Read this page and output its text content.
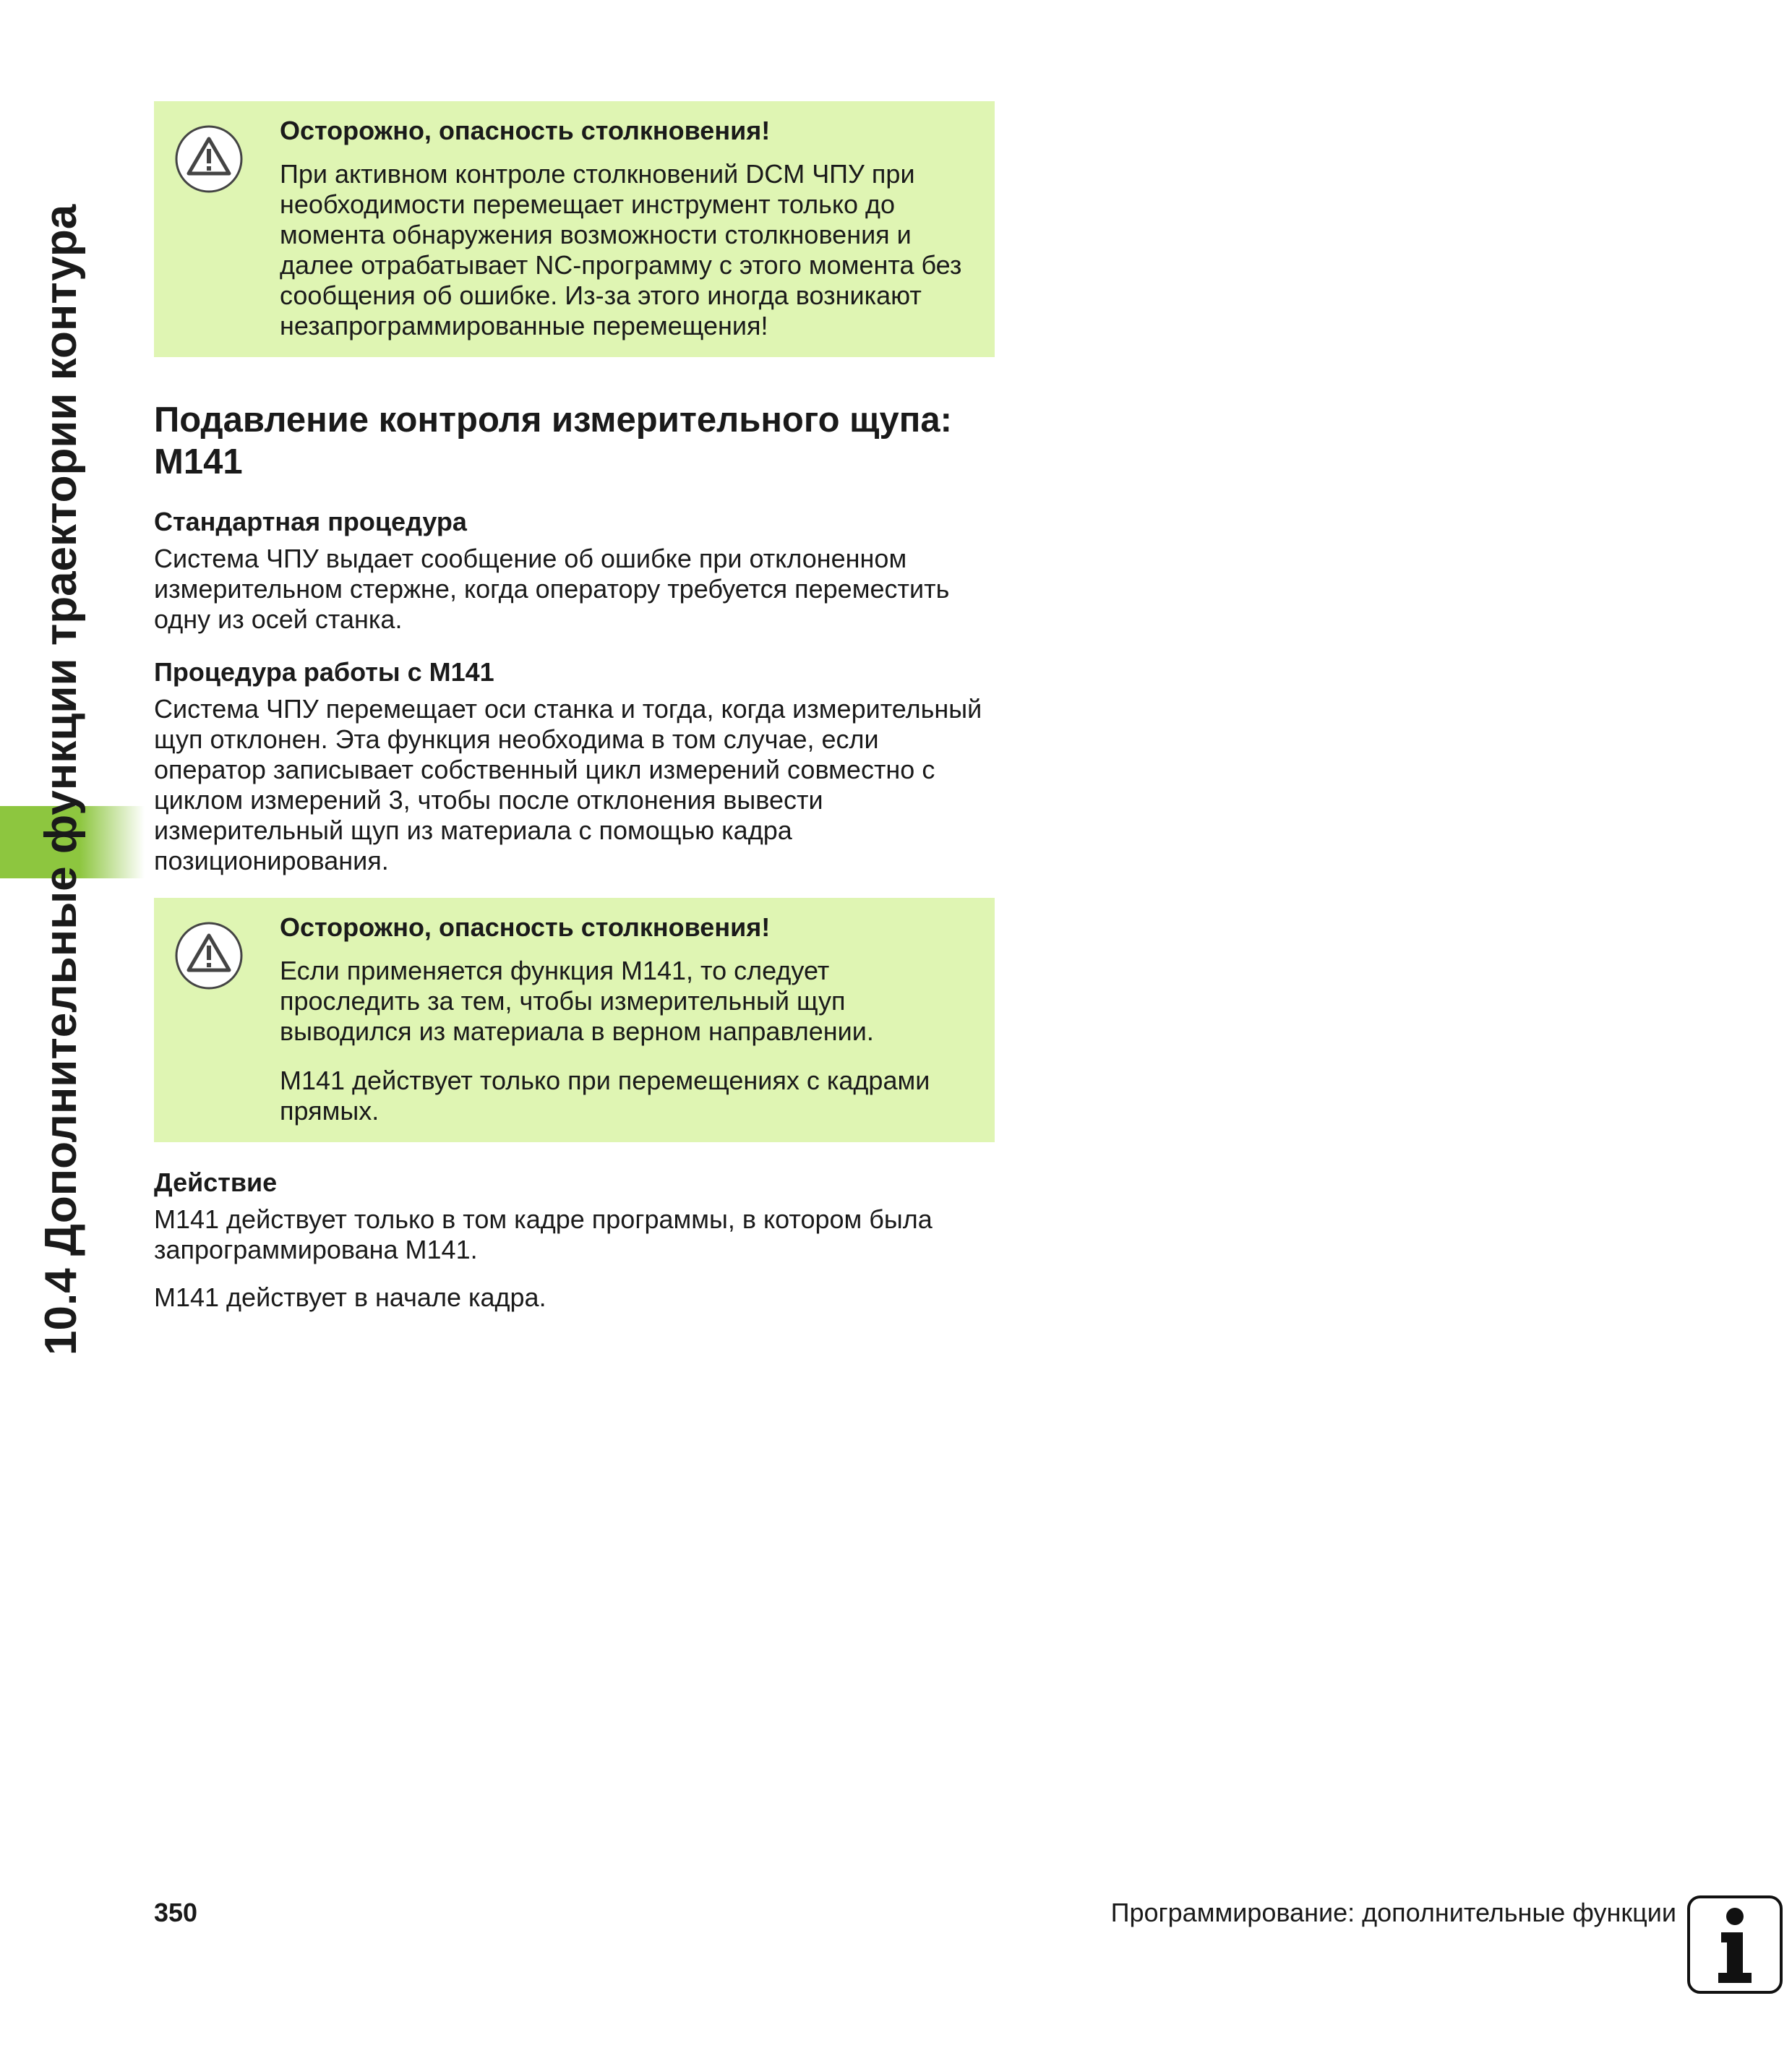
10.4 Дополнительные функции траектории контура
Осторожно, опасность столкновения!

При активном контроле столкновений DCM ЧПУ при необходимости перемещает инструмент только до момента обнаружения возможности столкновения и далее отрабатывает NC-программу с этого момента без сообщения об ошибке. Из-за этого иногда возникают незапрограммированные перемещения!

Подавление контроля измерительного щупа: M141
Стандартная процедура

Система ЧПУ выдает сообщение об ошибке при отклоненном измерительном стержне, когда оператору требуется переместить одну из осей станка.

Процедура работы с M141

Система ЧПУ перемещает оси станка и тогда, когда измерительный щуп отклонен. Эта функция необходима в том случае, если оператор записывает собственный цикл измерений совместно с циклом измерений 3, чтобы после отклонения вывести измерительный щуп из материала с помощью кадра позиционирования.

Осторожно, опасность столкновения!

Если применяется функция M141, то следует проследить за тем, чтобы измерительный щуп выводился из материала в верном направлении.

M141 действует только при перемещениях с кадрами прямых.

Действие

M141 действует только в том кадре программы, в котором была запрограммирована M141.

M141 действует в начале кадра.

350	Программирование: дополнительные функции
